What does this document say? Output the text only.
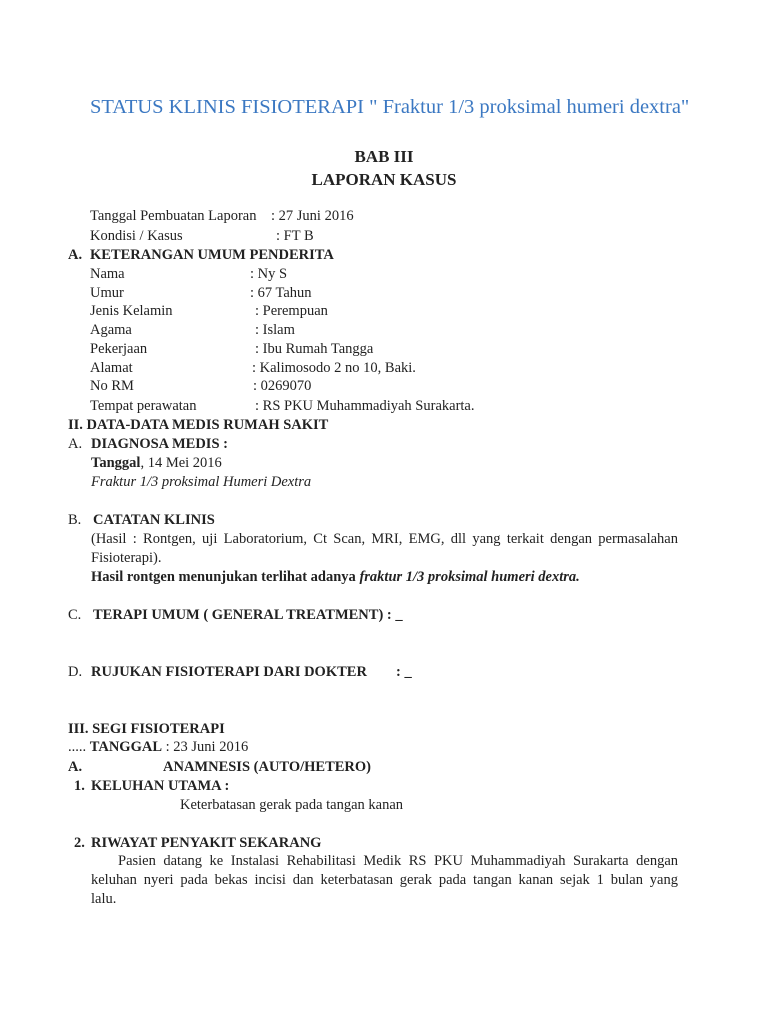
STATUS KLINIS FISIOTERAPI " Fraktur 1/3 proksimal humeri dextra"
BAB III
LAPORAN KASUS
Tanggal Pembuatan Laporan : 27 Juni 2016
Kondisi / Kasus	: FT B
A. KETERANGAN UMUM PENDERITA
Nama	: Ny S
Umur	: 67 Tahun
Jenis Kelamin	: Perempuan
Agama	: Islam
Pekerjaan	: Ibu Rumah Tangga
Alamat	: Kalimosodo 2 no 10, Baki.
No RM	: 0269070
Tempat perawatan	: RS PKU Muhammadiyah Surakarta.
II. DATA-DATA MEDIS RUMAH SAKIT
A. DIAGNOSA MEDIS :
Tanggal, 14 Mei 2016
Fraktur 1/3 proksimal Humeri Dextra
B. CATATAN KLINIS
(Hasil : Rontgen, uji Laboratorium, Ct Scan, MRI, EMG, dll yang terkait dengan permasalahan
Fisioterapi).
Hasil rontgen menunjukan terlihat adanya fraktur 1/3 proksimal humeri dextra.
C. TERAPI UMUM ( GENERAL TREATMENT) : _
D. RUJUKAN FISIOTERAPI DARI DOKTER : _
III. SEGI FISIOTERAPI
..... TANGGAL : 23 Juni 2016
A.	ANAMNESIS (AUTO/HETERO)
1. KELUHAN UTAMA :
Keterbatasan gerak pada tangan kanan
2. RIWAYAT PENYAKIT SEKARANG
Pasien datang ke Instalasi Rehabilitasi Medik RS PKU Muhammadiyah Surakarta dengan
keluhan nyeri pada bekas incisi dan keterbatasan gerak pada tangan kanan sejak 1 bulan yang
lalu.
